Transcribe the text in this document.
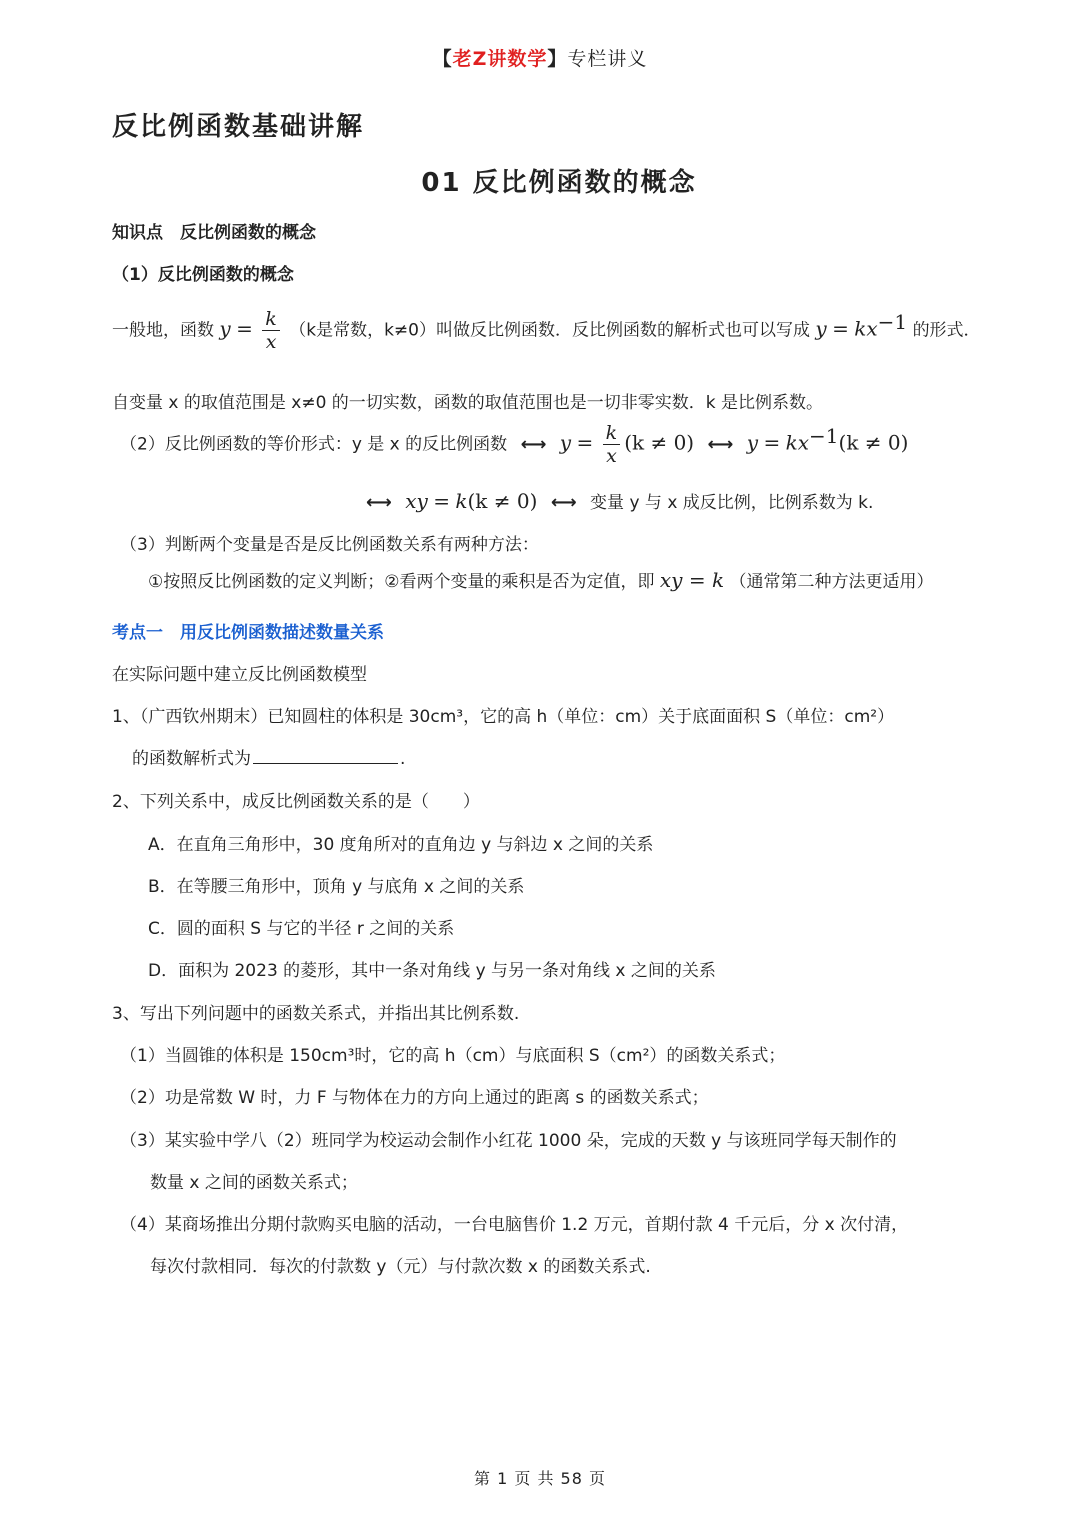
【老Z讲数学】专栏讲义
反比例函数基础讲解
01 反比例函数的概念
知识点　反比例函数的概念
（1）反比例函数的概念
一般地，函数 $y = \frac{k}{x} (k$是常数，k≠0）叫做反比例函数．反比例函数的解析式也可以写成 $y = kx^{-1}$ 的形式．
自变量 x 的取值范围是 x≠0 的一切实数，函数的取值范围也是一切非零实数．k 是比例系数。
（2）反比例函数的等价形式：y 是 x 的反比例函数 ⟷ $y = \frac{k}{x} (k \ne 0)$ ⟷ $y = kx^{-1}(k \ne 0)$
⟷ xy = k(k ≠ 0) ⟷ 变量 y 与 x 成反比例，比例系数为 k.
（3）判断两个变量是否是反比例函数关系有两种方法：
①按照反比例函数的定义判断；②看两个变量的乘积是否为定值，即 xy = k （通常第二种方法更适用）
考点一　用反比例函数描述数量关系
在实际问题中建立反比例函数模型
1、（广西钦州期末）已知圆柱的体积是 30cm³，它的高 h（单位：cm）关于底面面积 S（单位：cm²）
的函数解析式为	.
2、下列关系中，成反比例函数关系的是（　　）
A．在直角三角形中，30 度角所对的直角边 y 与斜边 x 之间的关系
B．在等腰三角形中，顶角 y 与底角 x 之间的关系
C．圆的面积 S 与它的半径 r 之间的关系
D．面积为 2023 的菱形，其中一条对角线 y 与另一条对角线 x 之间的关系
3、写出下列问题中的函数关系式，并指出其比例系数.
（1）当圆锥的体积是 150cm³时，它的高 h（cm）与底面积 S（cm²）的函数关系式；
（2）功是常数 W 时，力 F 与物体在力的方向上通过的距离 s 的函数关系式；
（3）某实验中学八（2）班同学为校运动会制作小红花 1000 朵，完成的天数 y 与该班同学每天制作的
数量 x 之间的函数关系式；
（4）某商场推出分期付款购买电脑的活动，一台电脑售价 1.2 万元，首期付款 4 千元后，分 x 次付清，
每次付款相同．每次的付款数 y（元）与付款次数 x 的函数关系式.
第 1 页 共 58 页
